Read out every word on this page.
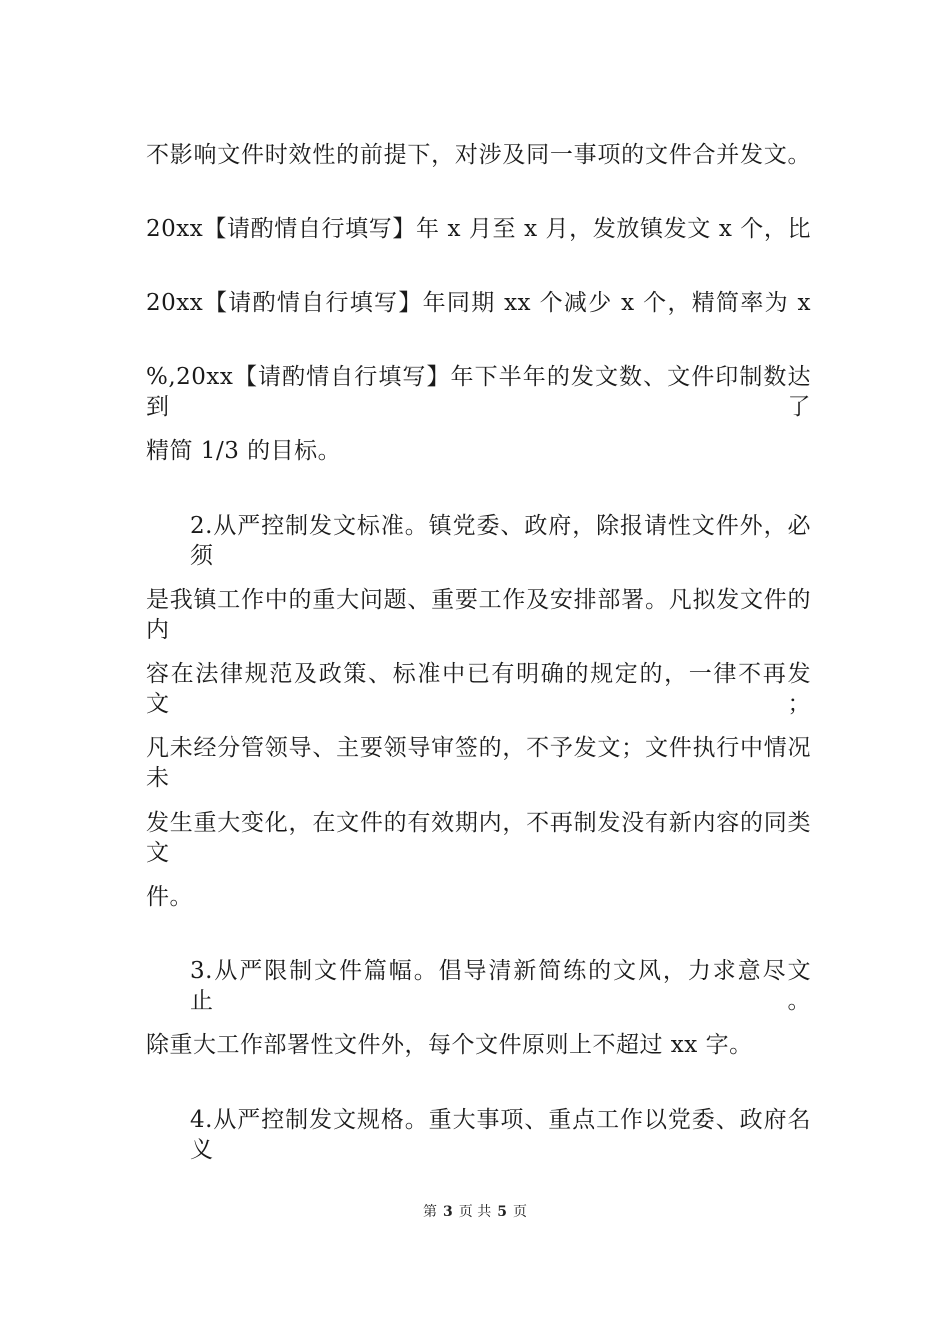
不影响文件时效性的前提下，对涉及同一事项的文件合并发文。
20xx【请酌情自行填写】年 x 月至 x 月，发放镇发文 x 个，比
20xx【请酌情自行填写】年同期 xx 个减少 x 个，精简率为 x
%,20xx【请酌情自行填写】年下半年的发文数、文件印制数达到了
精简 1/3 的目标。
2.从严控制发文标准。镇党委、政府，除报请性文件外，必须
是我镇工作中的重大问题、重要工作及安排部署。凡拟发文件的内
容在法律规范及政策、标准中已有明确的规定的，一律不再发文；
凡未经分管领导、主要领导审签的，不予发文；文件执行中情况未
发生重大变化，在文件的有效期内，不再制发没有新内容的同类文
件。
3.从严限制文件篇幅。倡导清新简练的文风，力求意尽文止。
除重大工作部署性文件外，每个文件原则上不超过 xx 字。
4.从严控制发文规格。重大事项、重点工作以党委、政府名义
第 3 页 共 5 页
